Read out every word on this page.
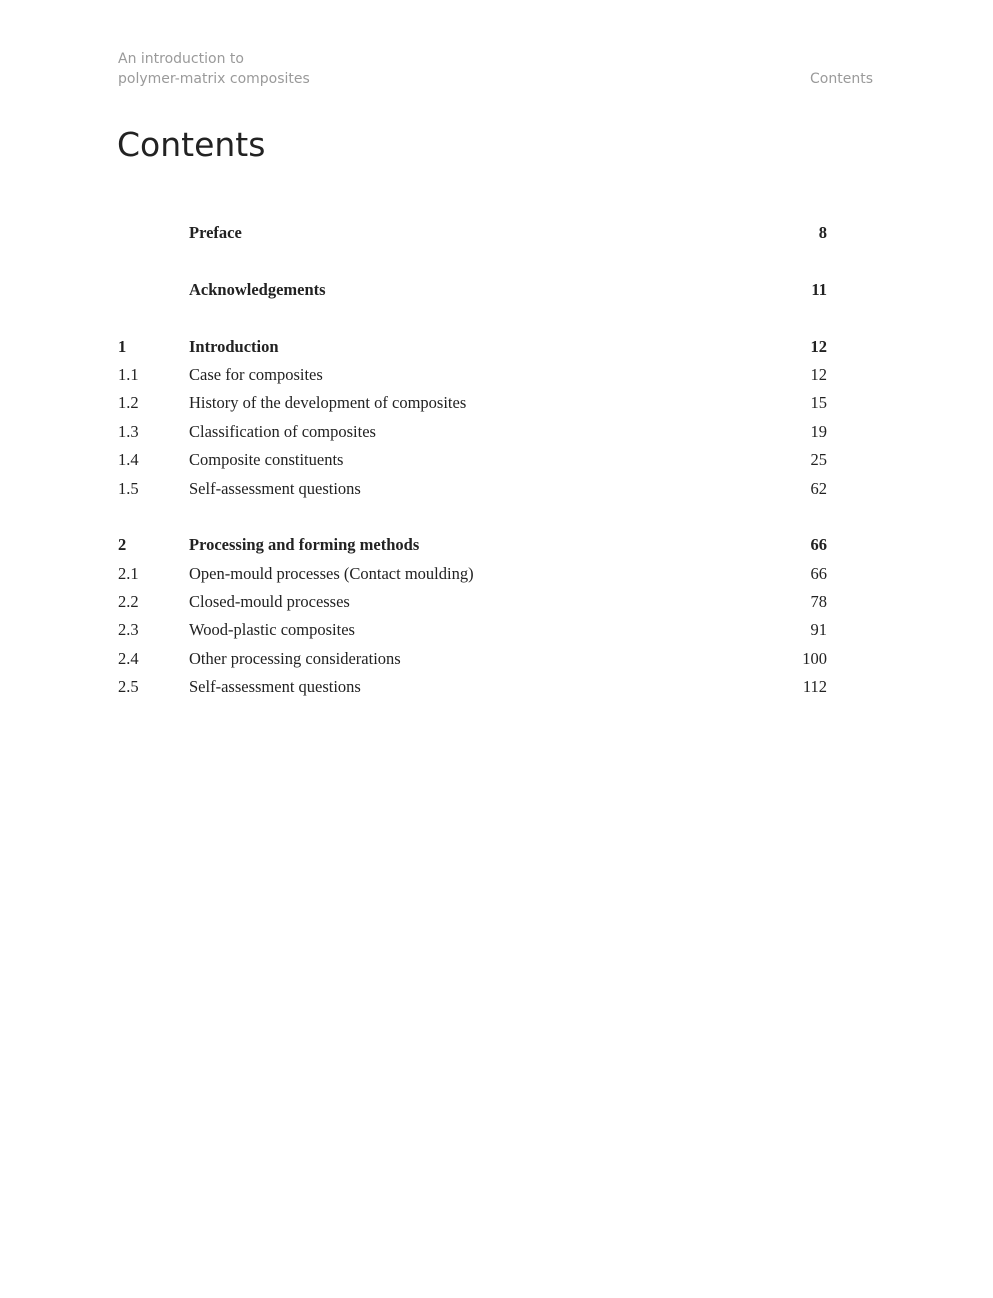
An introduction to
polymer-matrix composites	Contents
Contents
Preface	8
Acknowledgements	11
1	Introduction	12
1.1	Case for composites	12
1.2	History of the development of composites	15
1.3	Classification of composites	19
1.4	Composite constituents	25
1.5	Self-assessment questions	62
2	Processing and forming methods	66
2.1	Open-mould processes (Contact moulding)	66
2.2	Closed-mould processes	78
2.3	Wood-plastic composites	91
2.4	Other processing considerations	100
2.5	Self-assessment questions	112
